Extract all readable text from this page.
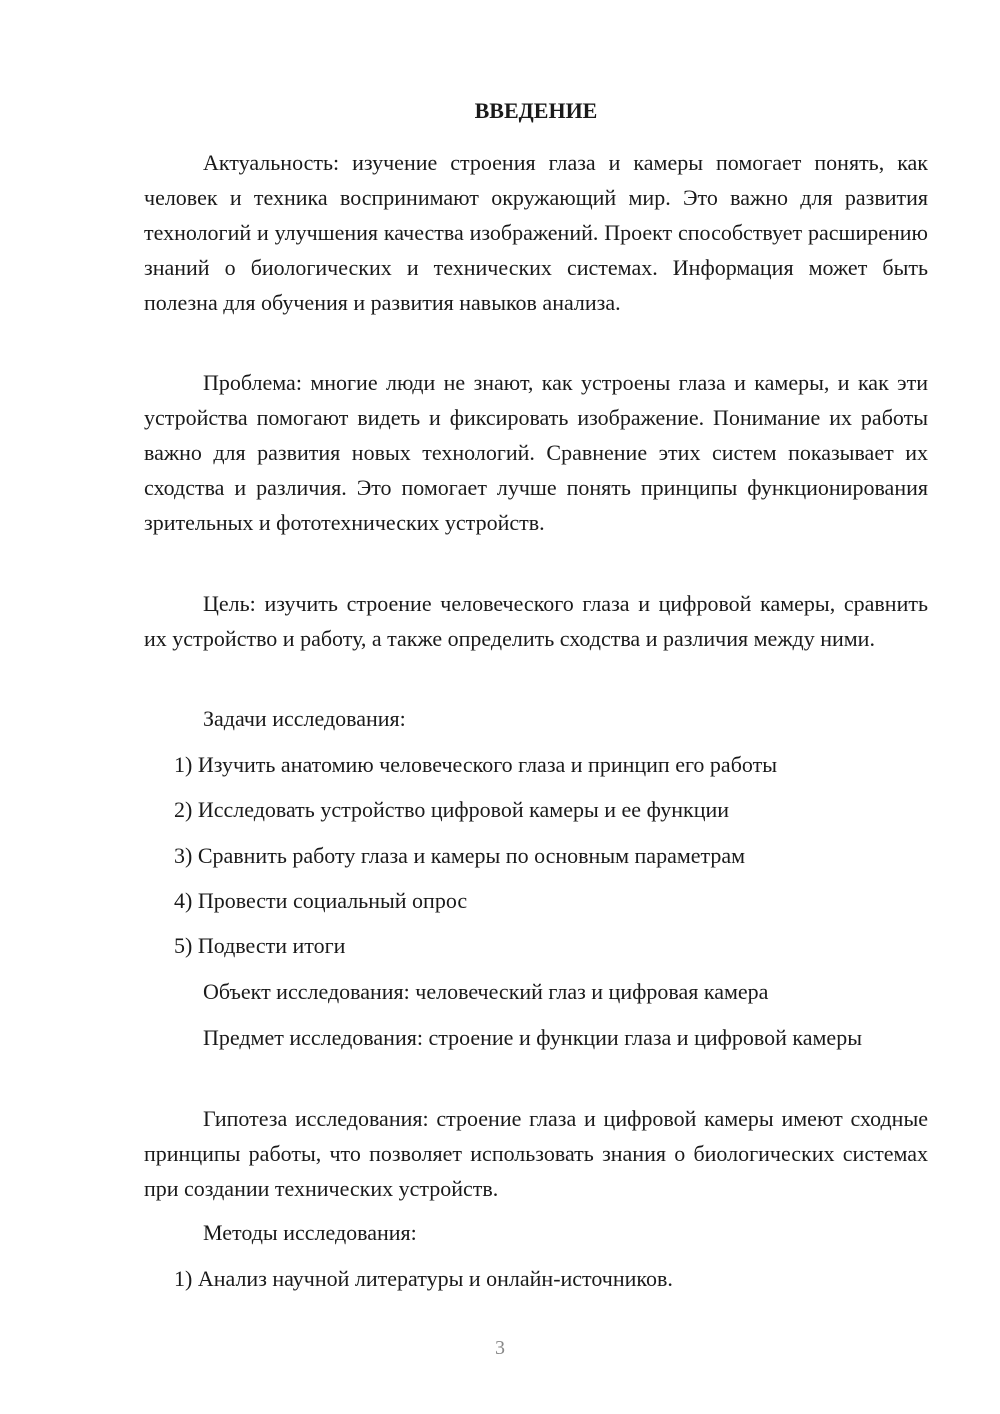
ВВЕДЕНИЕ

Актуальность: изучение строения глаза и камеры помогает понять, как человек и техника воспринимают окружающий мир. Это важно для развития технологий и улучшения качества изображений. Проект способствует расширению знаний о биологических и технических системах. Информация может быть полезна для обучения и развития навыков анализа.

Проблема: многие люди не знают, как устроены глаза и камеры, и как эти устройства помогают видеть и фиксировать изображение. Понимание их работы важно для развития новых технологий. Сравнение этих систем показывает их сходства и различия. Это помогает лучше понять принципы функционирования зрительных и фототехнических устройств.

Цель: изучить строение человеческого глаза и цифровой камеры, сравнить их устройство и работу, а также определить сходства и различия между ними.

Задачи исследования:
1) Изучить анатомию человеческого глаза и принцип его работы
2) Исследовать устройство цифровой камеры и ее функции
3) Сравнить работу глаза и камеры по основным параметрам
4) Провести социальный опрос
5) Подвести итоги
Объект исследования: человеческий глаз и цифровая камера

Предмет исследования: строение и функции глаза и цифровой камеры

Гипотеза исследования: строение глаза и цифровой камеры имеют сходные принципы работы, что позволяет использовать знания о биологических системах при создании технических устройств.

Методы исследования:
1) Анализ научной литературы и онлайн-источников.
3
